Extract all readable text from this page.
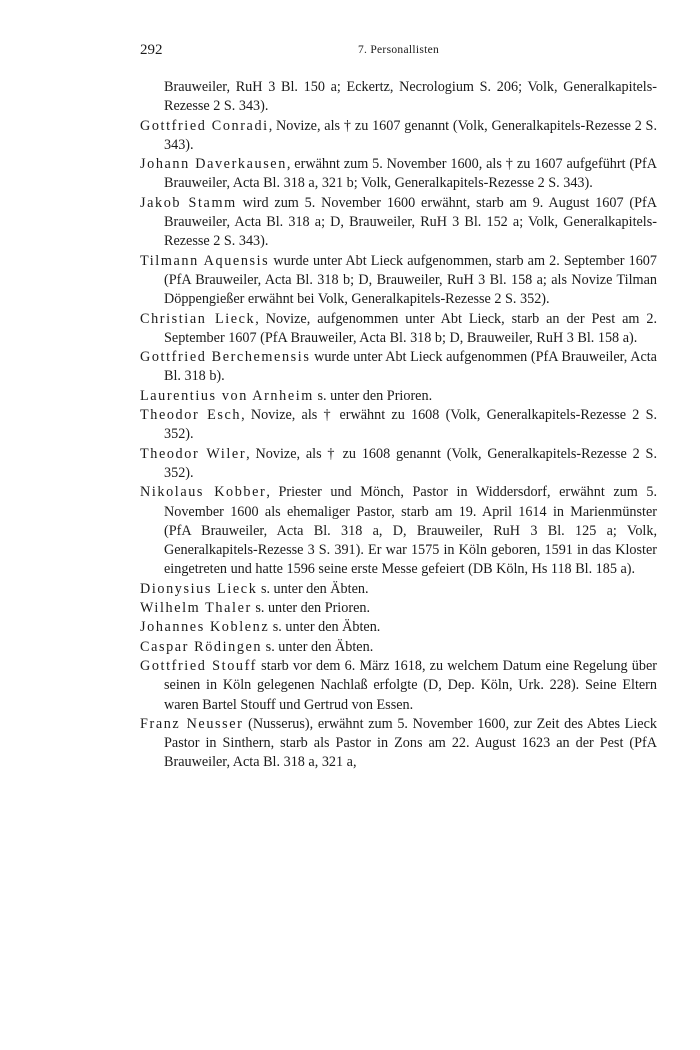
292	7. Personallisten

Brauweiler, RuH 3 Bl. 150 a; Eckertz, Necrologium S. 206; Volk, Generalkapitels-Rezesse 2 S. 343).

Gottfried Conradi, Novize, als † zu 1607 genannt (Volk, Generalkapitels-Rezesse 2 S. 343).

Johann Daverkausen, erwähnt zum 5. November 1600, als † zu 1607 aufgeführt (PfA Brauweiler, Acta Bl. 318 a, 321 b; Volk, Generalkapitels-Rezesse 2 S. 343).

Jakob Stamm wird zum 5. November 1600 erwähnt, starb am 9. August 1607 (PfA Brauweiler, Acta Bl. 318 a; D, Brauweiler, RuH 3 Bl. 152 a; Volk, Generalkapitels-Rezesse 2 S. 343).

Tilmann Aquensis wurde unter Abt Lieck aufgenommen, starb am 2. September 1607 (PfA Brauweiler, Acta Bl. 318 b; D, Brauweiler, RuH 3 Bl. 158 a; als Novize Tilman Döppengießer erwähnt bei Volk, Generalkapitels-Rezesse 2 S. 352).

Christian Lieck, Novize, aufgenommen unter Abt Lieck, starb an der Pest am 2. September 1607 (PfA Brauweiler, Acta Bl. 318 b; D, Brauweiler, RuH 3 Bl. 158 a).

Gottfried Berchemensis wurde unter Abt Lieck aufgenommen (PfA Brauweiler, Acta Bl. 318 b).

Laurentius von Arnheim s. unter den Prioren.

Theodor Esch, Novize, als † erwähnt zu 1608 (Volk, Generalkapitels-Rezesse 2 S. 352).

Theodor Wiler, Novize, als † zu 1608 genannt (Volk, Generalkapitels-Rezesse 2 S. 352).

Nikolaus Kobber, Priester und Mönch, Pastor in Widdersdorf, erwähnt zum 5. November 1600 als ehemaliger Pastor, starb am 19. April 1614 in Marienmünster (PfA Brauweiler, Acta Bl. 318 a, D, Brauweiler, RuH 3 Bl. 125 a; Volk, Generalkapitels-Rezesse 3 S. 391). Er war 1575 in Köln geboren, 1591 in das Kloster eingetreten und hatte 1596 seine erste Messe gefeiert (DB Köln, Hs 118 Bl. 185 a).

Dionysius Lieck s. unter den Äbten.

Wilhelm Thaler s. unter den Prioren.

Johannes Koblenz s. unter den Äbten.

Caspar Rödingen s. unter den Äbten.

Gottfried Stouff starb vor dem 6. März 1618, zu welchem Datum eine Regelung über seinen in Köln gelegenen Nachlaß erfolgte (D, Dep. Köln, Urk. 228). Seine Eltern waren Bartel Stouff und Gertrud von Essen.

Franz Neusser (Nusserus), erwähnt zum 5. November 1600, zur Zeit des Abtes Lieck Pastor in Sinthern, starb als Pastor in Zons am 22. August 1623 an der Pest (PfA Brauweiler, Acta Bl. 318 a, 321 a,
